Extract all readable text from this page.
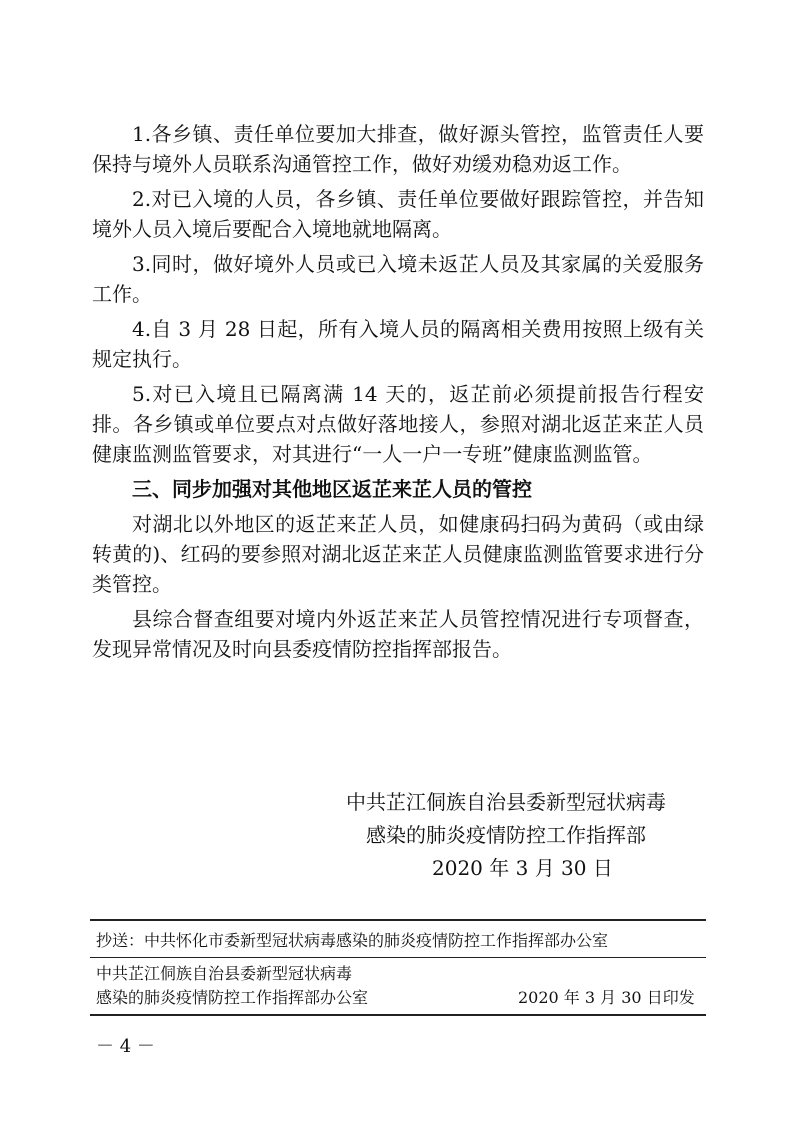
1.各乡镇、责任单位要加大排查，做好源头管控，监管责任人要保持与境外人员联系沟通管控工作，做好劝缓劝稳劝返工作。

2.对已入境的人员，各乡镇、责任单位要做好跟踪管控，并告知境外人员入境后要配合入境地就地隔离。

3.同时，做好境外人员或已入境未返芷人员及其家属的关爱服务工作。

4.自 3 月 28 日起，所有入境人员的隔离相关费用按照上级有关规定执行。

5.对已入境且已隔离满 14 天的，返芷前必须提前报告行程安排。各乡镇或单位要点对点做好落地接人，参照对湖北返芷来芷人员健康监测监管要求，对其进行“一人一户一专班”健康监测监管。

三、同步加强对其他地区返芷来芷人员的管控

对湖北以外地区的返芷来芷人员，如健康码扫码为黄码（或由绿转黄的)、红码的要参照对湖北返芷来芷人员健康监测监管要求进行分类管控。

县综合督查组要对境内外返芷来芷人员管控情况进行专项督查，发现异常情况及时向县委疫情防控指挥部报告。

中共芷江侗族自治县委新型冠状病毒
感染的肺炎疫情防控工作指挥部
2020 年 3 月 30 日
抄送：中共怀化市委新型冠状病毒感染的肺炎疫情防控工作指挥部办公室
中共芷江侗族自治县委新型冠状病毒
感染的肺炎疫情防控工作指挥部办公室	2020 年 3 月 30 日印发
－ 4 －
